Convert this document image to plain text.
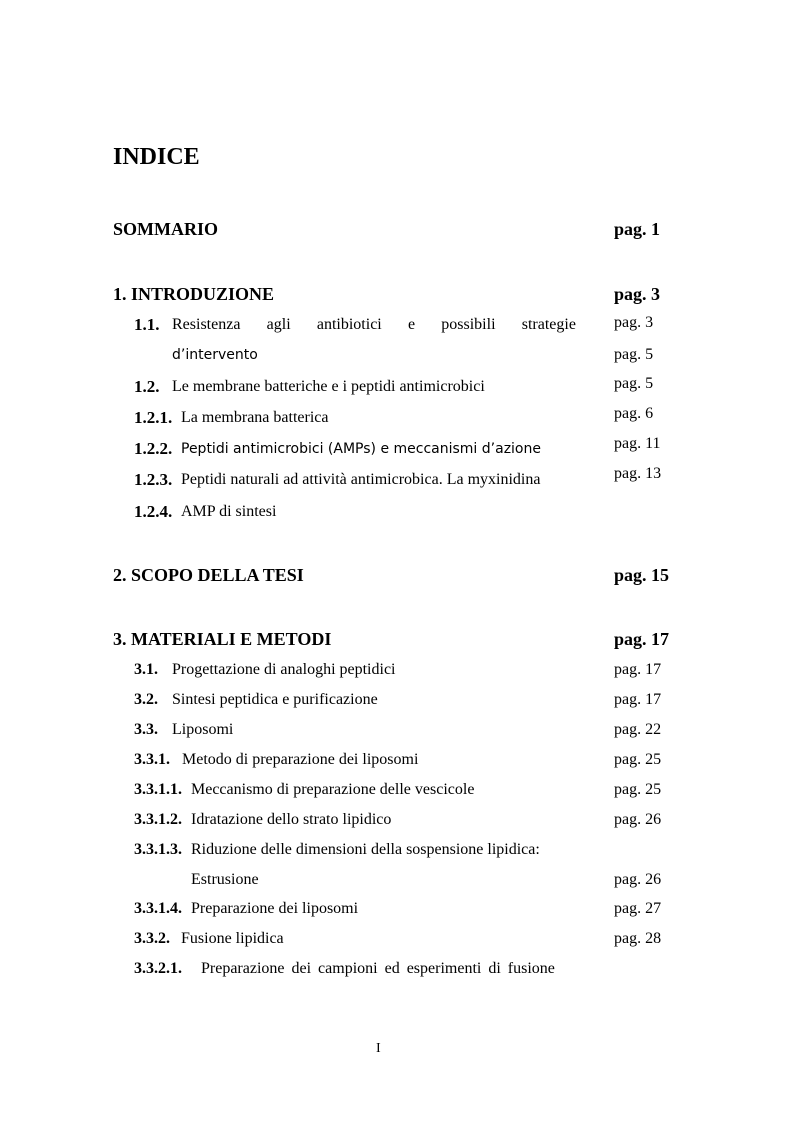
INDICE
SOMMARIO	pag. 1
1. INTRODUZIONE	pag. 3
1.1. Resistenza agli antibiotici e possibili strategie pag. 3
d’intervento	pag. 5
1.2. Le membrane batteriche e i peptidi antimicrobici	pag. 5
1.2.1. La membrana batterica	pag. 6
1.2.2. Peptidi antimicrobici (AMPs) e meccanismi d’azione	pag. 11
1.2.3. Peptidi naturali ad attività antimicrobica. La myxinidina	pag. 13
1.2.4. AMP di sintesi
2. SCOPO DELLA TESI	pag. 15
3. MATERIALI E METODI	pag. 17
3.1. Progettazione di analoghi peptidici	pag. 17
3.2. Sintesi peptidica e purificazione	pag. 17
3.3. Liposomi	pag. 22
3.3.1. Metodo di preparazione dei liposomi	pag. 25
3.3.1.1. Meccanismo di preparazione delle vescicole	pag. 25
3.3.1.2. Idratazione dello strato lipidico	pag. 26
3.3.1.3. Riduzione delle dimensioni della sospensione lipidica:
Estrusione	pag. 26
3.3.1.4. Preparazione dei liposomi	pag. 27
3.3.2. Fusione lipidica	pag. 28
3.3.2.1. Preparazione dei campioni ed esperimenti di fusione
I
